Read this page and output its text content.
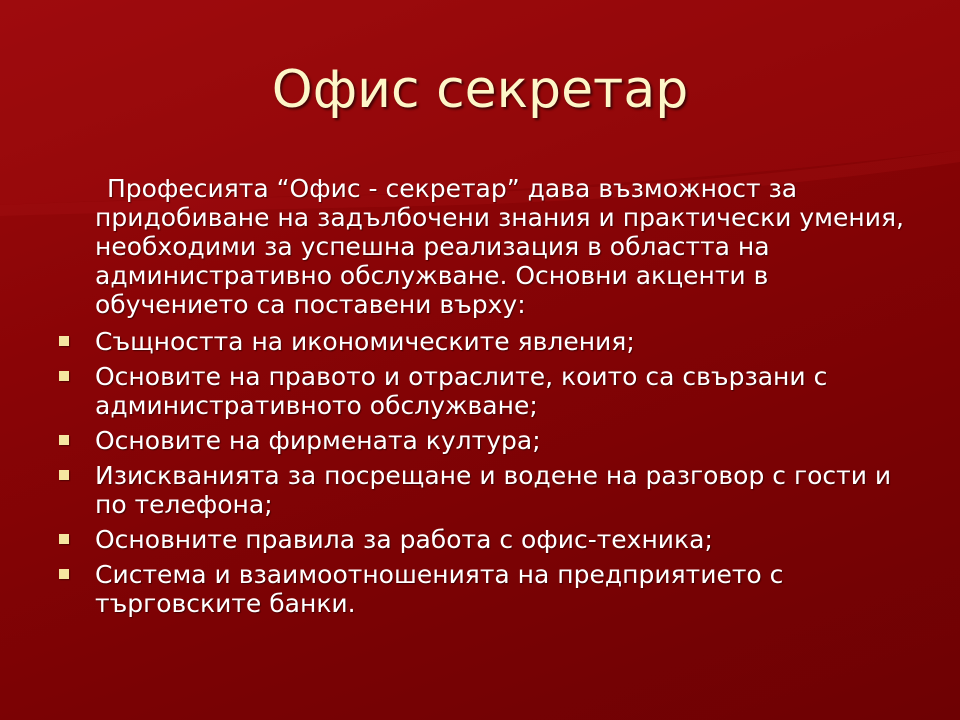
Офис секретар

Професията “Офис - секретар” дава възможност за придобиване на задълбочени знания и практически умения, необходими за успешна реализация в областта на административно обслужване. Основни акценти в обучението са поставени върху:

Същността на икономическите явления;
Основите на правото и отраслите, които са свързани с административното обслужване;
Основите на фирмената култура;
Изискванията за посрещане и водене на разговор с гости и по телефона;
Основните правила за работа с офис-техника;
Система и взаимоотношенията на предприятието с търговските банки.
